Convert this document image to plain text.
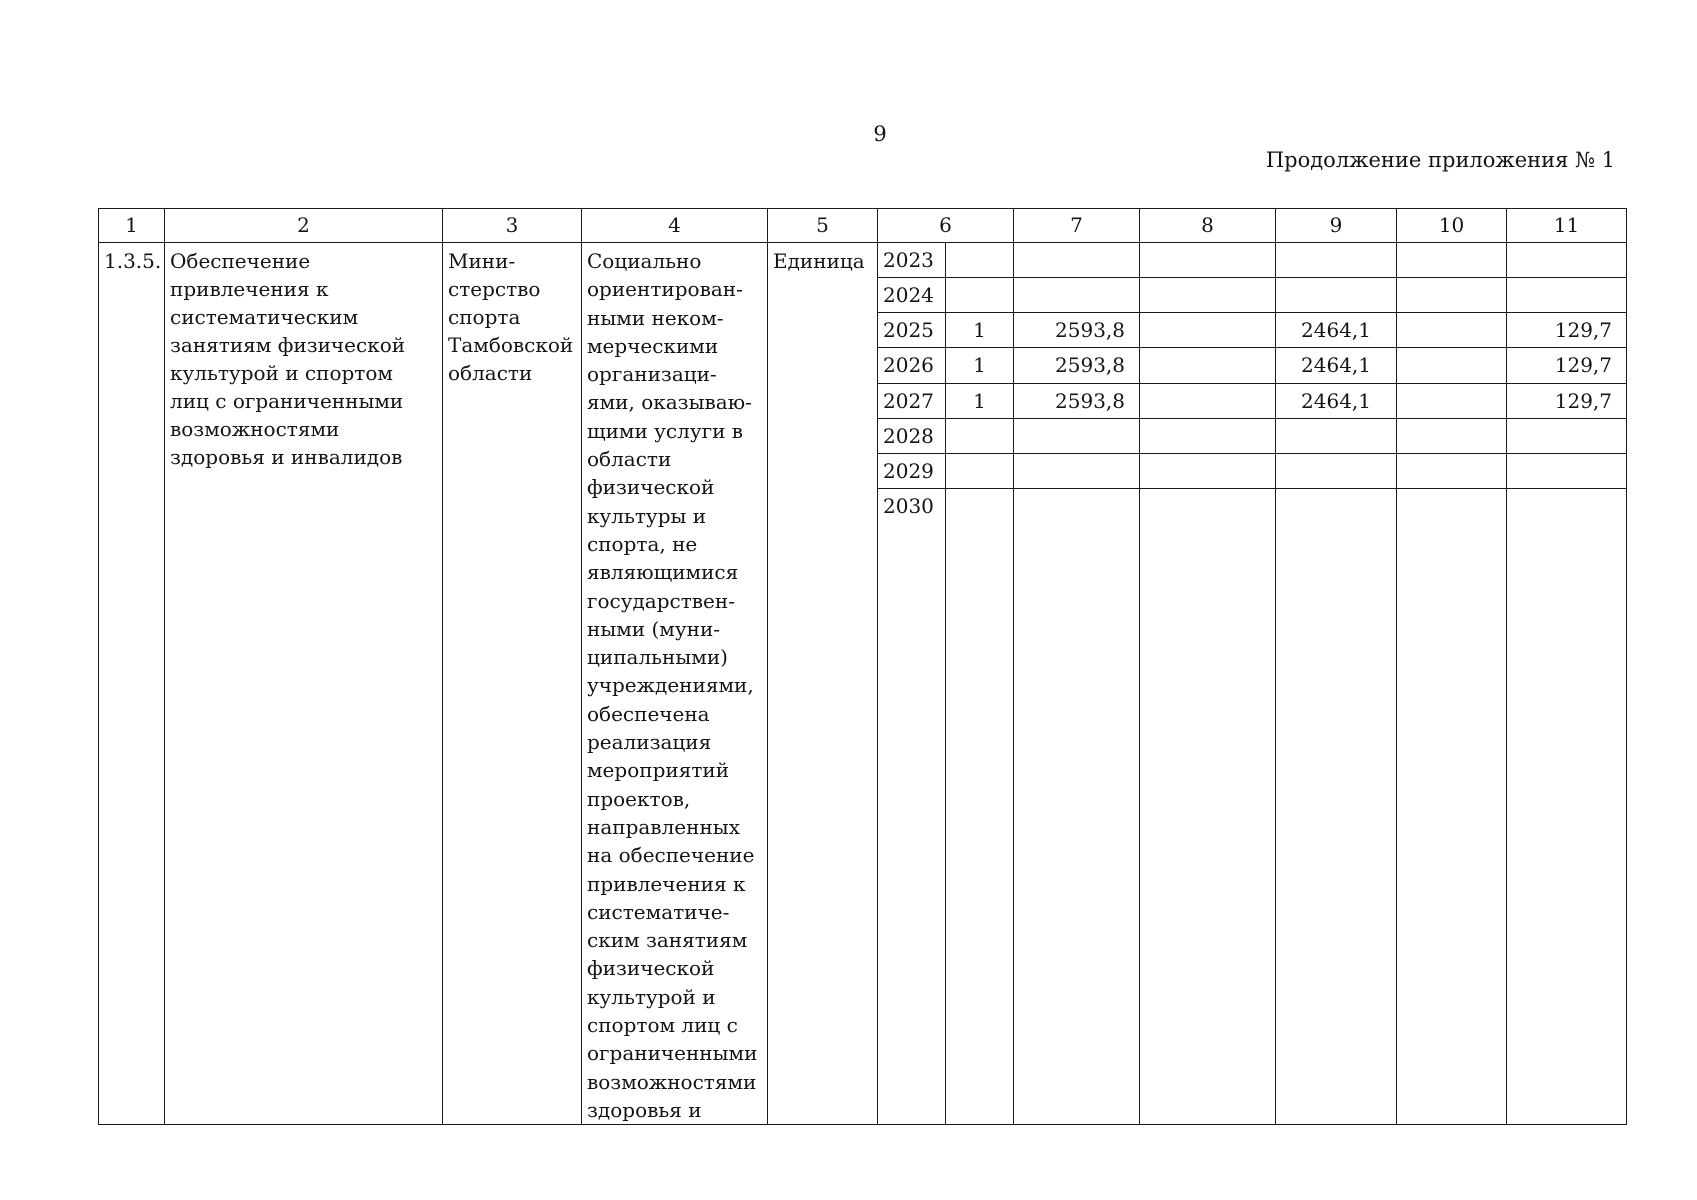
9
Продолжение приложения № 1
1	2	3	4	5	6		7	8	9	10	11

1.3.5.	Обеспечение привлечения к систематическим занятиям физической культурой и спортом лиц с ограниченными возможностями здоровья и инвалидов	Мини-стерство спорта Тамбовской области	Социально ориентирован-ными неком-мерческими организаци-ями, оказываю-щими услуги в области физической культуры и спорта, не являющимися государствен-ными (муни-ципальными) учреждениями, обеспечена реализация мероприятий проектов, направленных на обеспечение привлечения к систематиче-ским занятиям физической культурой и спортом лиц с ограниченными возможностями здоровья и	Единица	2023						
					2024						
					2025	1	2593,8		2464,1		129,7
					2026	1	2593,8		2464,1		129,7
					2027	1	2593,8		2464,1		129,7
					2028						
					2029						
					2030						
